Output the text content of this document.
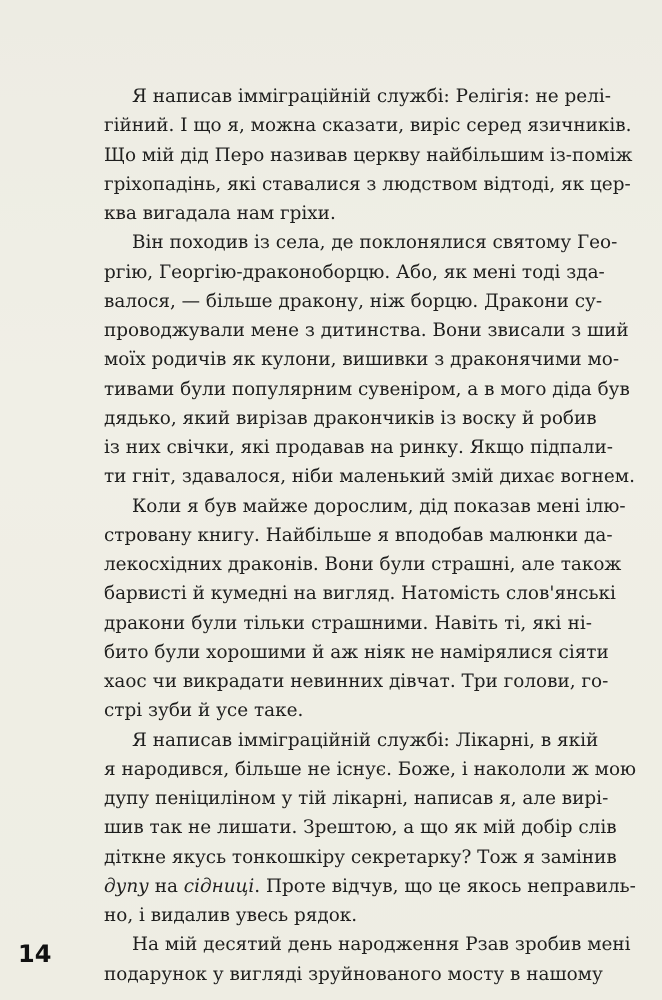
Я написав імміграційній службі: Релігія: не релі-
гійний. І що я, можна сказати, виріс серед язичників.
Що мій дід Перо називав церкву найбільшим із-поміж
гріхопадінь, які ставалися з людством відтоді, як цер-
ква вигадала нам гріхи.
Він походив із села, де поклонялися святому Гео-
ргію, Георгію-драконоборцю. Або, як мені тоді зда-
валося, — більше дракону, ніж борцю. Дракони су-
проводжували мене з дитинства. Вони звисали з ший
моїх родичів як кулони, вишивки з драконячими мо-
тивами були популярним сувеніром, а в мого діда був
дядько, який вирізав дракончиків із воску й робив
із них свічки, які продавав на ринку. Якщо підпали-
ти гніт, здавалося, ніби маленький змій дихає вогнем.
Коли я був майже дорослим, дід показав мені ілю-
стровану книгу. Найбільше я вподобав малюнки да-
лекосхідних драконів. Вони були страшні, але також
барвисті й кумедні на вигляд. Натомість слов'янські
дракони були тільки страшними. Навіть ті, які ні-
бито були хорошими й аж ніяк не намірялися сіяти
хаос чи викрадати невинних дівчат. Три голови, го-
стрі зуби й усе таке.
Я написав імміграційній службі: Лікарні, в якій
я народився, більше не існує. Боже, і накололи ж мою
дупу пеніциліном у тій лікарні, написав я, але вирі-
шив так не лишати. Зрештою, а що як мій добір слів
діткне якусь тонкошкіру секретарку? Тож я замінив
дупу на сідниці. Проте відчув, що це якось неправиль-
но, і видалив увесь рядок.
На мій десятий день народження Рзав зробив мені
подарунок у вигляді зруйнованого мосту в нашому
14
